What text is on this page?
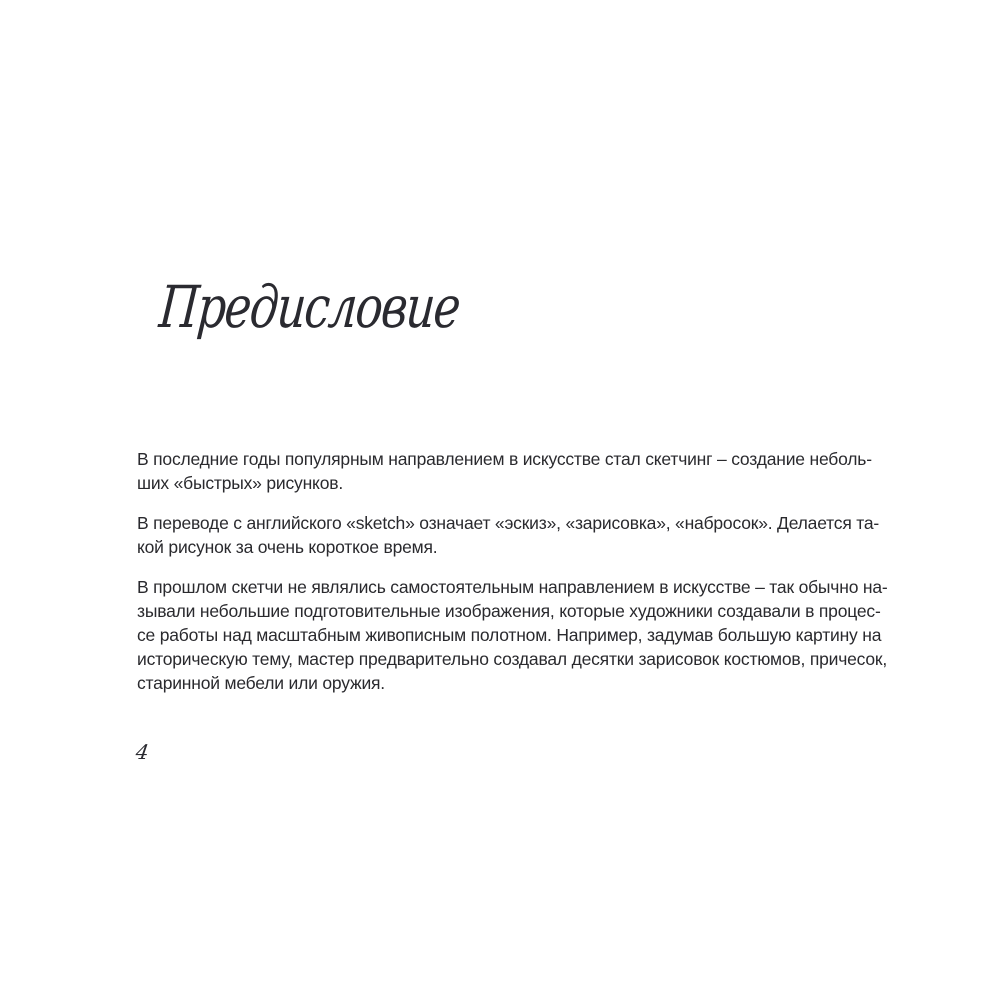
Предисловие

В последние годы популярным направлением в искусстве стал скетчинг – создание неболь-
ших «быстрых» рисунков.

В переводе с английского «sketch» означает «эскиз», «зарисовка», «набросок». Делается та-
кой рисунок за очень короткое время.

В прошлом скетчи не являлись самостоятельным направлением в искусстве – так обычно на-
зывали небольшие подготовительные изображения, которые художники создавали в процес-
се работы над масштабным живописным полотном. Например, задумав большую картину на
историческую тему, мастер предварительно создавал десятки зарисовок костюмов, причесок,
старинной мебели или оружия.

4
